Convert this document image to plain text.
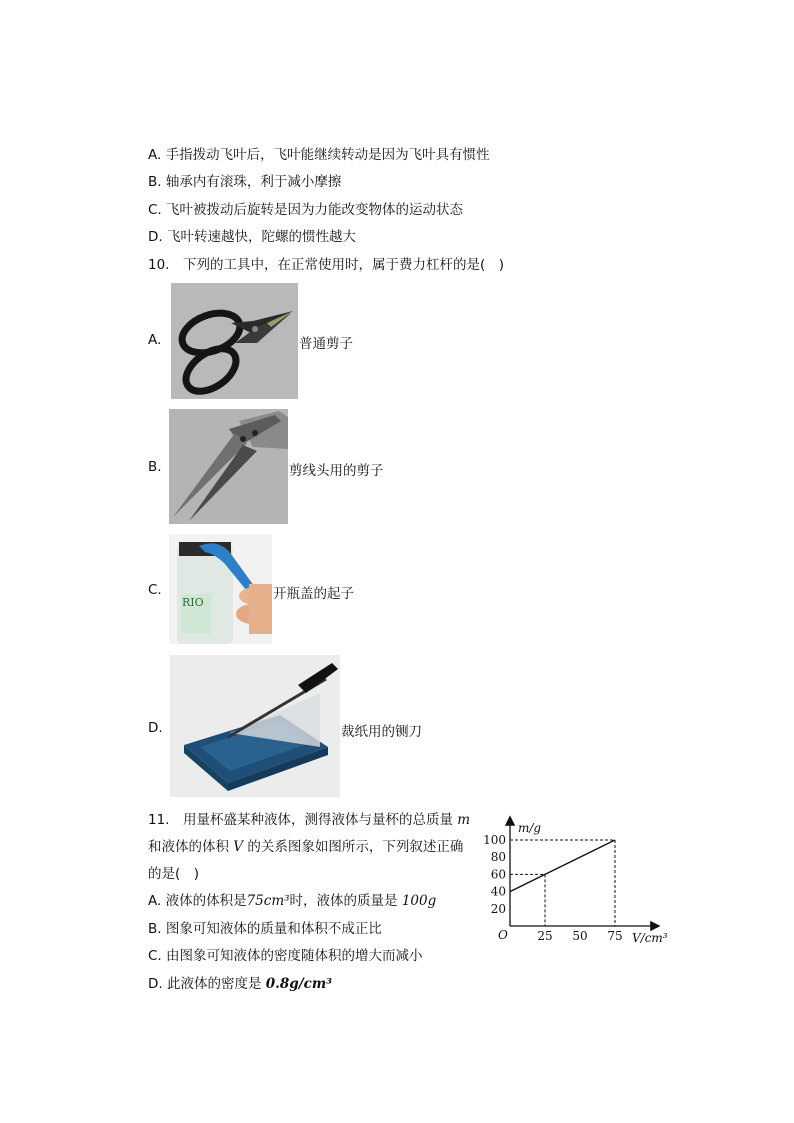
A. 手指拨动飞叶后，飞叶能继续转动是因为飞叶具有惯性
B. 轴承内有滚珠，利于减小摩擦
C. 飞叶被拨动后旋转是因为力能改变物体的运动状态
D. 飞叶转速越快，陀螺的惯性越大
10.　下列的工具中，在正常使用时，属于费力杠杆的是(　)
A.	普通剪子
B.	剪线头用的剪子
C.
RIO
开瓶盖的起子
D.	裁纸用的铡刀
11.　用量杯盛某种液体，测得液体与量杯的总质量 m
和液体的体积 V 的关系图象如图所示，下列叙述正确
的是(　)
A. 液体的体积是75cm³时，液体的质量是 100g
B. 图象可知液体的质量和体积不成正比
C. 由图象可知液体的密度随体积的增大而减小
D. 此液体的密度是 0.8g/cm³
m/g
V/cm³
O
20
40
60
80
100
25 50 75
